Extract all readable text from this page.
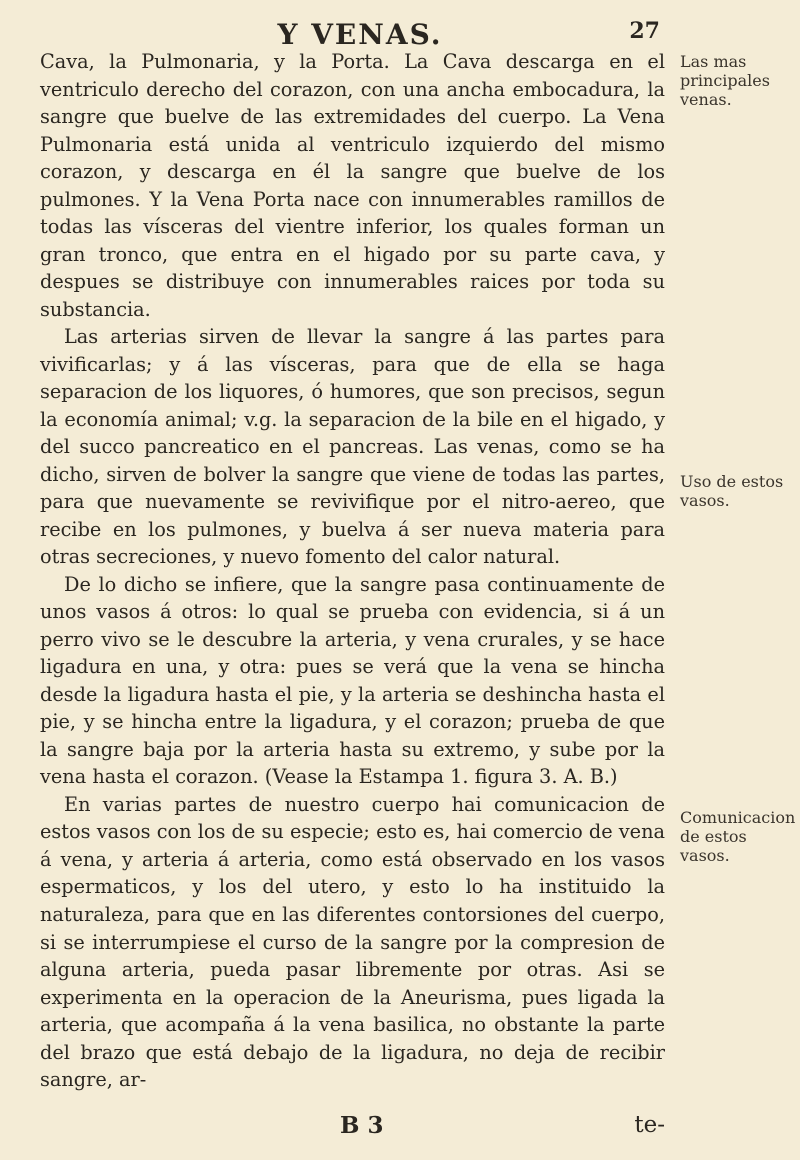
Y VENAS.	27

Cava, la Pulmonaria, y la Porta. La Cava descarga en el ventriculo derecho del corazon, con una ancha embocadura, la sangre que buelve de las extremidades del cuerpo. La Vena Pulmonaria está unida al ventriculo izquierdo del mismo corazon, y descarga en él la sangre que buelve de los pulmones. Y la Vena Porta nace con innumerables ramillos de todas las vísceras del vientre inferior, los quales forman un gran tronco, que entra en el higado por su parte cava, y despues se distribuye con innumerables raices por toda su substancia.

Las arterias sirven de llevar la sangre á las partes para vivificarlas; y á las vísceras, para que de ella se haga separacion de los liquores, ó humores, que son precisos, segun la economía animal; v.g. la separacion de la bile en el higado, y del succo pancreatico en el pancreas. Las venas, como se ha dicho, sirven de bolver la sangre que viene de todas las partes, para que nuevamente se revivifique por el nitro-aereo, que recibe en los pulmones, y buelva á ser nueva materia para otras secreciones, y nuevo fomento del calor natural.

De lo dicho se infiere, que la sangre pasa continuamente de unos vasos á otros: lo qual se prueba con evidencia, si á un perro vivo se le descubre la arteria, y vena crurales, y se hace ligadura en una, y otra: pues se verá que la vena se hincha desde la ligadura hasta el pie, y la arteria se deshincha hasta el pie, y se hincha entre la ligadura, y el corazon; prueba de que la sangre baja por la arteria hasta su extremo, y sube por la vena hasta el corazon. (Vease la Estampa 1. figura 3. A. B.)

En varias partes de nuestro cuerpo hai comunicacion de estos vasos con los de su especie; esto es, hai comercio de vena á vena, y arteria á arteria, como está observado en los vasos espermaticos, y los del utero, y esto lo ha instituido la naturaleza, para que en las diferentes contorsiones del cuerpo, si se interrumpiese el curso de la sangre por la compresion de alguna arteria, pueda pasar libremente por otras. Asi se experimenta en la operacion de la Aneurisma, pues ligada la arteria, que acompaña á la vena basilica, no obstante la parte del brazo que está debajo de la ligadura, no deja de recibir sangre, ar-

Las mas principales venas.
Uso de estos vasos.
Comunicacion de estos vasos.
B 3	te-
